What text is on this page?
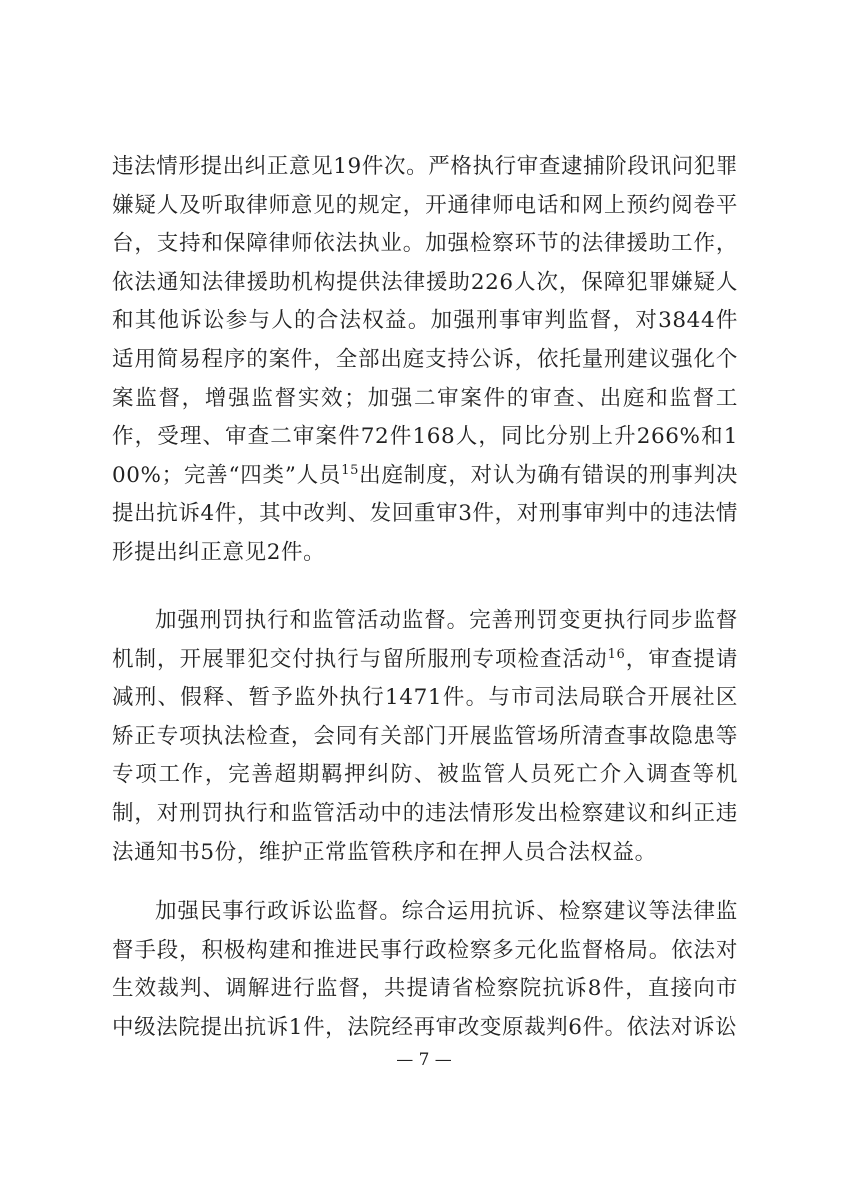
违法情形提出纠正意见19件次。严格执行审查逮捕阶段讯问犯罪嫌疑人及听取律师意见的规定，开通律师电话和网上预约阅卷平台，支持和保障律师依法执业。加强检察环节的法律援助工作，依法通知法律援助机构提供法律援助226人次，保障犯罪嫌疑人和其他诉讼参与人的合法权益。加强刑事审判监督，对3844件适用简易程序的案件，全部出庭支持公诉，依托量刑建议强化个案监督，增强监督实效；加强二审案件的审查、出庭和监督工作，受理、审查二审案件72件168人，同比分别上升266%和100%；完善“四类”人员$^{15}$出庭制度，对认为确有错误的刑事判决提出抗诉4件，其中改判、发回重审3件，对刑事审判中的违法情形提出纠正意见2件。

加强刑罚执行和监管活动监督。完善刑罚变更执行同步监督机制，开展罪犯交付执行与留所服刑专项检查活动$^{16}$，审查提请减刑、假释、暂予监外执行1471件。与市司法局联合开展社区矫正专项执法检查，会同有关部门开展监管场所清查事故隐患等专项工作，完善超期羁押纠防、被监管人员死亡介入调查等机制，对刑罚执行和监管活动中的违法情形发出检察建议和纠正违法通知书5份，维护正常监管秩序和在押人员合法权益。

加强民事行政诉讼监督。综合运用抗诉、检察建议等法律监督手段，积极构建和推进民事行政检察多元化监督格局。依法对生效裁判、调解进行监督，共提请省检察院抗诉8件，直接向市中级法院提出抗诉1件，法院经再审改变原裁判6件。依法对诉讼

— 7 —
